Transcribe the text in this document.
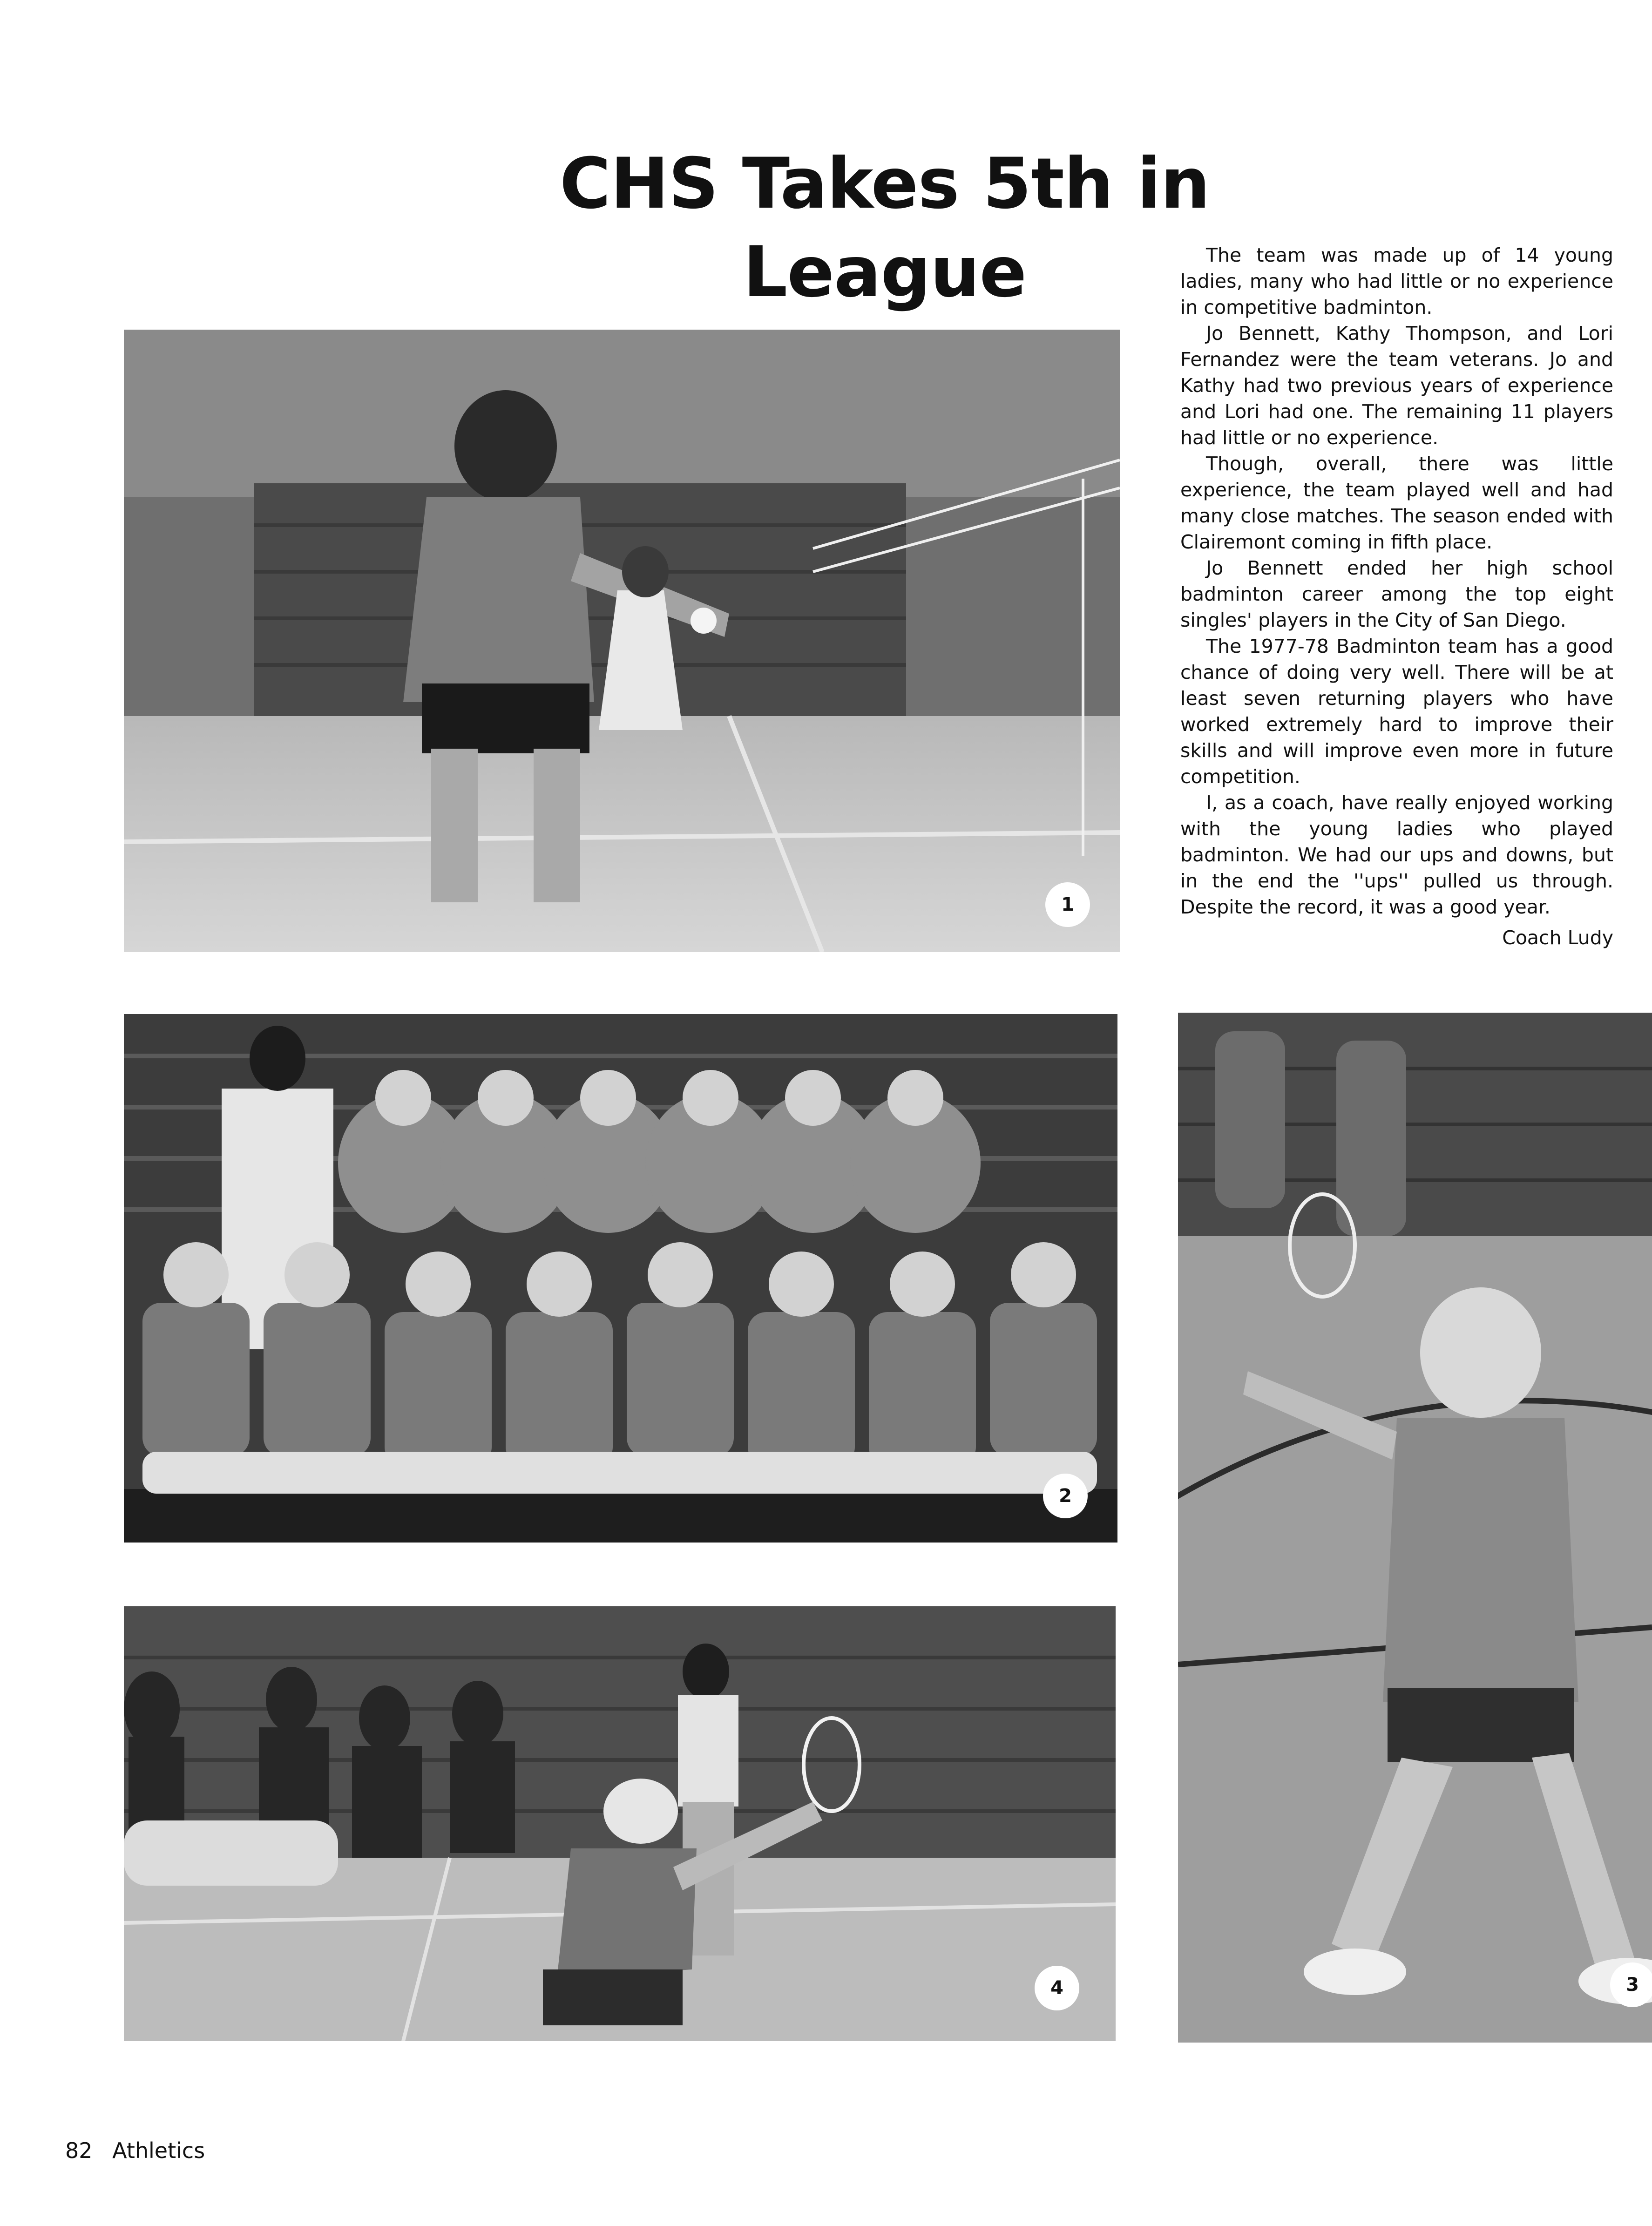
CHS Takes 5th in League	The team was made up of 14 young ladies, many who had little or no experience in competitive badminton.

Jo Bennett, Kathy Thompson, and Lori Fernandez were the team veterans. Jo and Kathy had two previous years of experience and Lori had one. The remaining 11 players had little or no experience.

Though, overall, there was little experience, the team played well and had many close matches. The season ended with Clairemont coming in fifth place.

Jo Bennett ended her high school badminton career among the top eight singles' players in the City of San Diego.

The 1977-78 Badminton team has a good chance of doing very well. There will be at least seven returning players who have worked extremely hard to improve their skills and will improve even more in future competition.

I, as a coach, have really enjoyed working with the young ladies who played badminton. We had our ups and downs, but in the end the ''ups'' pulled us through. Despite the record, it was a good year.

Coach Ludy

1
2
3
4
82 Athletics
